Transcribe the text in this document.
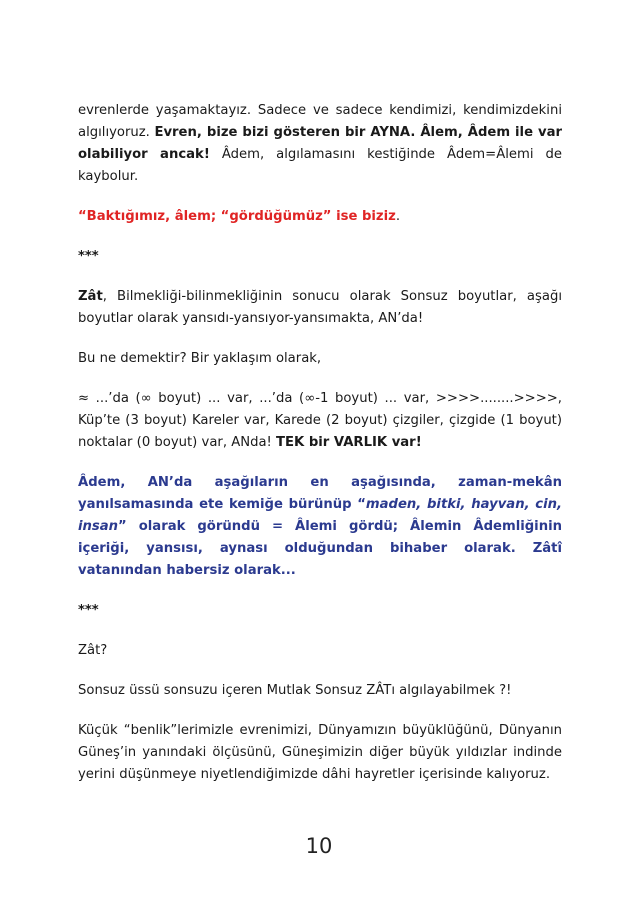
evrenlerde yaşamaktayız. Sadece ve sadece kendimizi, kendimizdekini algılıyoruz. Evren, bize bizi gösteren bir AYNA. Âlem, Âdem ile var olabiliyor ancak! Âdem, algılamasını kestiğinde Âdem=Âlemi de kaybolur.

“Baktığımız, âlem; “gördüğümüz” ise biziz.

***

Zât, Bilmekliği-bilinmekliğinin sonucu olarak Sonsuz boyutlar, aşağı boyutlar olarak yansıdı-yansıyor-yansımakta, AN’da!

Bu ne demektir? Bir yaklaşım olarak,

≈ ...’da (∞ boyut) ... var, ...’da (∞-1 boyut) ... var, >>>>........>>>>, Küp’te (3 boyut) Kareler var, Karede (2 boyut) çizgiler, çizgide (1 boyut) noktalar (0 boyut) var, ANda! TEK bir VARLIK var!

Âdem, AN’da aşağıların en aşağısında, zaman-mekân yanılsamasında ete kemiğe bürünüp “maden, bitki, hayvan, cin, insan” olarak göründü = Âlemi gördü; Âlemin Âdemliğinin içeriği, yansısı, aynası olduğundan bihaber olarak. Zâtî vatanından habersiz olarak...

***

Zât?

Sonsuz üssü sonsuzu içeren Mutlak Sonsuz ZÂTı algılayabilmek ?!

Küçük “benlik”lerimizle evrenimizi, Dünyamızın büyüklüğünü, Dünyanın Güneş’in yanındaki ölçüsünü, Güneşimizin diğer büyük yıldızlar indinde yerini düşünmeye niyetlendiğimizde dâhi hayretler içerisinde kalıyoruz.

10
